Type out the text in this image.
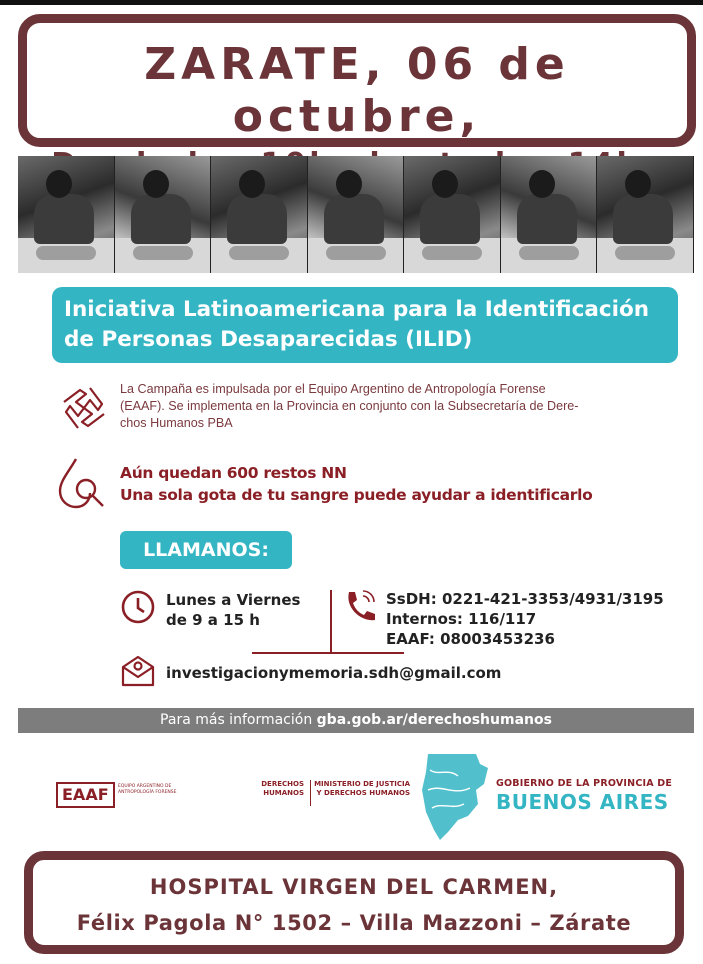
ZARATE, 06 de octubre,
Iniciativa Latinoamericana para la Identificación
de Personas Desaparecidas (ILID)
La Campaña es impulsada por el Equipo Argentino de Antropología Forense
(EAAF). Se implementa en la Provincia en conjunto con la Subsecretaría de Dere-
chos Humanos PBA
Aún quedan 600 restos NN
Una sola gota de tu sangre puede ayudar a identificarlo
LLAMANOS:
Lunes a Viernes
de 9 a 15 h
SsDH: 0221-421-3353/4931/3195
Internos: 116/117
EAAF: 08003453236
investigacionymemoria.sdh@gmail.com
Para más información gba.gob.ar/derechoshumanos
EAAF	EQUIPO ARGENTINO DE ANTROPOLOGÍA FORENSE
DERECHOS HUMANOS
MINISTERIO DE JUSTICIA Y DERECHOS HUMANOS
GOBIERNO DE LA PROVINCIA DE
BUENOS AIRES
HOSPITAL VIRGEN DEL CARMEN,
Félix Pagola N° 1502 – Villa Mazzoni – Zárate
